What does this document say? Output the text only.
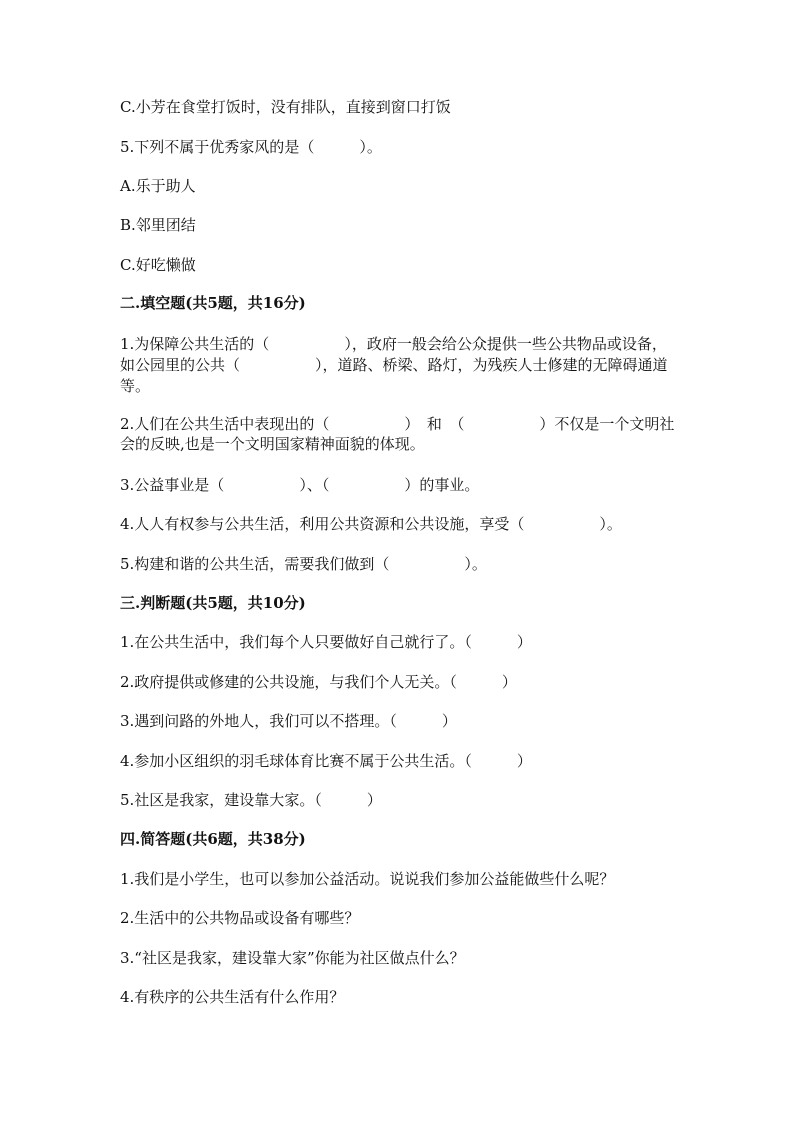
C.小芳在食堂打饭时，没有排队，直接到窗口打饭
5.下列不属于优秀家风的是（　　　）。
A.乐于助人
B.邻里团结
C.好吃懒做
二.填空题(共5题，共16分)
1.为保障公共生活的（　　　　　），政府一般会给公众提供一些公共物品或设备，如公园里的公共（　　　　　），道路、桥梁、路灯，为残疾人士修建的无障碍通道等。
2.人们在公共生活中表现出的（　　　　　）　和　（　　　　　）不仅是一个文明社会的反映,也是一个文明国家精神面貌的体现。
3.公益事业是（　　　　　）、（　　　　　）的事业。
4.人人有权参与公共生活，利用公共资源和公共设施，享受（　　　　　）。
5.构建和谐的公共生活，需要我们做到（　　　　　）。
三.判断题(共5题，共10分)
1.在公共生活中，我们每个人只要做好自己就行了。（　　　）
2.政府提供或修建的公共设施，与我们个人无关。（　　　）
3.遇到问路的外地人，我们可以不搭理。（　　　）
4.参加小区组织的羽毛球体育比赛不属于公共生活。（　　　）
5.社区是我家，建设靠大家。（　　　）
四.简答题(共6题，共38分)
1.我们是小学生，也可以参加公益活动。说说我们参加公益能做些什么呢？
2.生活中的公共物品或设备有哪些？
3.“社区是我家，建设靠大家”你能为社区做点什么？
4.有秩序的公共生活有什么作用？
